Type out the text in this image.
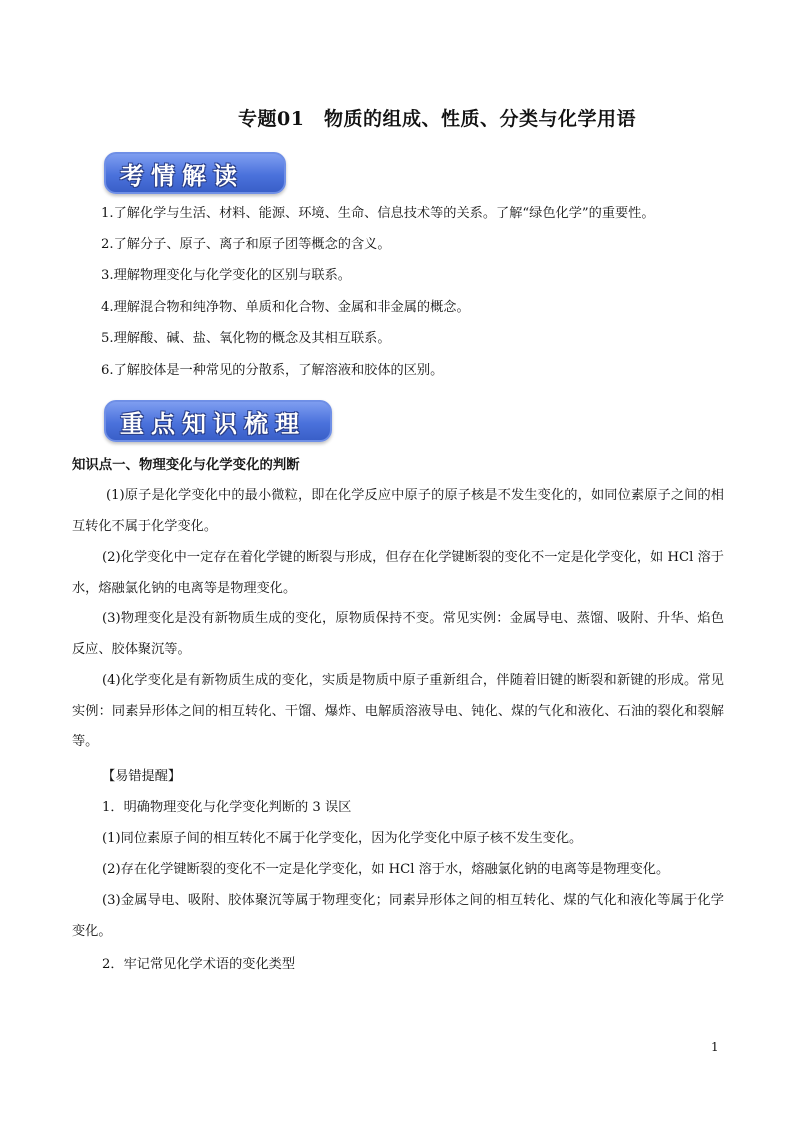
专题01　物质的组成、性质、分类与化学用语
考情解读
1.了解化学与生活、材料、能源、环境、生命、信息技术等的关系。了解“绿色化学”的重要性。
2.了解分子、原子、离子和原子团等概念的含义。
3.理解物理变化与化学变化的区别与联系。
4.理解混合物和纯净物、单质和化合物、金属和非金属的概念。
5.理解酸、碱、盐、氧化物的概念及其相互联系。
6.了解胶体是一种常见的分散系，了解溶液和胶体的区别。
重点知识梳理
知识点一、物理变化与化学变化的判断
(1)原子是化学变化中的最小微粒，即在化学反应中原子的原子核是不发生变化的，如同位素原子之间的相互转化不属于化学变化。
(2)化学变化中一定存在着化学键的断裂与形成，但存在化学键断裂的变化不一定是化学变化，如 HCl 溶于水，熔融氯化钠的电离等是物理变化。
(3)物理变化是没有新物质生成的变化，原物质保持不变。常见实例：金属导电、蒸馏、吸附、升华、焰色反应、胶体聚沉等。
(4)化学变化是有新物质生成的变化，实质是物质中原子重新组合，伴随着旧键的断裂和新键的形成。常见实例：同素异形体之间的相互转化、干馏、爆炸、电解质溶液导电、钝化、煤的气化和液化、石油的裂化和裂解等。
【易错提醒】
1．明确物理变化与化学变化判断的 3 误区
(1)同位素原子间的相互转化不属于化学变化，因为化学变化中原子核不发生变化。
(2)存在化学键断裂的变化不一定是化学变化，如 HCl 溶于水，熔融氯化钠的电离等是物理变化。
(3)金属导电、吸附、胶体聚沉等属于物理变化；同素异形体之间的相互转化、煤的气化和液化等属于化学变化。
2．牢记常见化学术语的变化类型
1
